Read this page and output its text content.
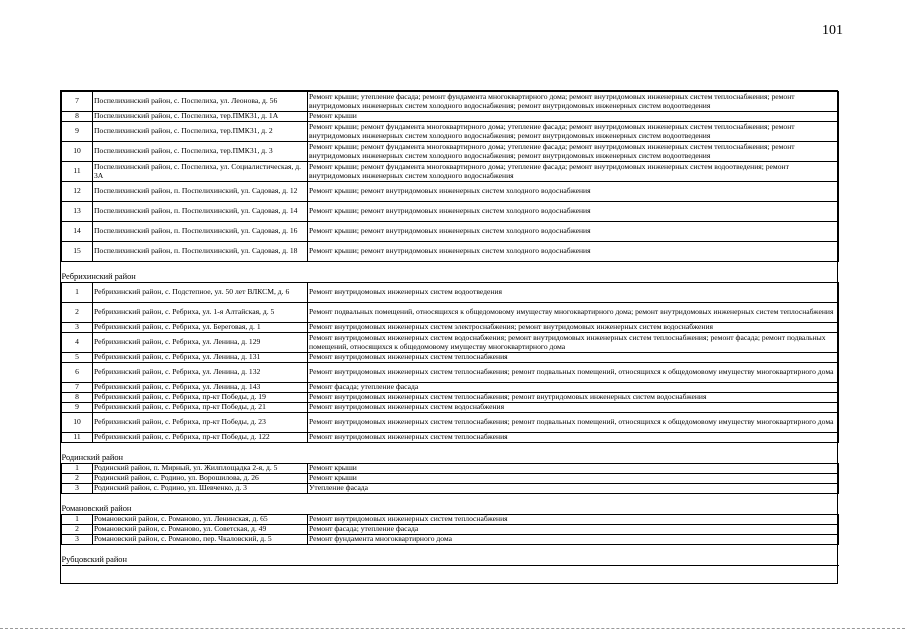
101
7	Поспелихинский район, с. Поспелиха, ул. Леонова, д. 56	Ремонт крыши; утепление фасада; ремонт фундамента многоквартирного дома; ремонт внутридомовых инженерных систем теплоснабжения; ремонт внутридомовых инженерных систем холодного водоснабжения; ремонт внутридомовых инженерных систем водоотведения
8	Поспелихинский район, с. Поспелиха, тер.ПМК31, д. 1А	Ремонт крыши
9	Поспелихинский район, с. Поспелиха, тер.ПМК31, д. 2	Ремонт крыши; ремонт фундамента многоквартирного дома; утепление фасада; ремонт внутридомовых инженерных систем теплоснабжения; ремонт внутридомовых инженерных систем холодного водоснабжения; ремонт внутридомовых инженерных систем водоотведения
10	Поспелихинский район, с. Поспелиха, тер.ПМК31, д. 3	Ремонт крыши; ремонт фундамента многоквартирного дома; утепление фасада; ремонт внутридомовых инженерных систем теплоснабжения; ремонт внутридомовых инженерных систем холодного водоснабжения; ремонт внутридомовых инженерных систем водоотведения
11	Поспелихинский район, с. Поспелиха, ул. Социалистическая, д. 3А	Ремонт крыши; ремонт фундамента многоквартирного дома; утепление фасада; ремонт внутридомовых инженерных систем водоотведения; ремонт внутридомовых инженерных систем холодного водоснабжения
12	Поспелихинский район, п. Поспелихинский, ул. Садовая, д. 12	Ремонт крыши; ремонт внутридомовых инженерных систем холодного водоснабжения
13	Поспелихинский район, п. Поспелихинский, ул. Садовая, д. 14	Ремонт крыши; ремонт внутридомовых инженерных систем холодного водоснабжения
14	Поспелихинский район, п. Поспелихинский, ул. Садовая, д. 16	Ремонт крыши; ремонт внутридомовых инженерных систем холодного водоснабжения
15	Поспелихинский район, п. Поспелихинский, ул. Садовая, д. 18	Ремонт крыши; ремонт внутридомовых инженерных систем холодного водоснабжения
Ребрихинский район		
1	Ребрихинский район, с. Подстепное, ул. 50 лет ВЛКСМ, д. 6	Ремонт внутридомовых инженерных систем водоотведения
2	Ребрихинский район, с. Ребриха, ул. 1-я Алтайская, д. 5	Ремонт подвальных помещений, относящихся к общедомовому имуществу многоквартирного дома; ремонт внутридомовых инженерных систем теплоснабжения
3	Ребрихинский район, с. Ребриха, ул. Береговая, д. 1	Ремонт внутридомовых инженерных систем электроснабжения; ремонт внутридомовых инженерных систем водоснабжения
4	Ребрихинский район, с. Ребриха, ул. Ленина, д. 129	Ремонт внутридомовых инженерных систем водоснабжения; ремонт внутридомовых инженерных систем теплоснабжения; ремонт фасада; ремонт подвальных помещений, относящихся к общедомовому имуществу многоквартирного дома
5	Ребрихинский район, с. Ребриха, ул. Ленина, д. 131	Ремонт внутридомовых инженерных систем теплоснабжения
6	Ребрихинский район, с. Ребриха, ул. Ленина, д. 132	Ремонт внутридомовых инженерных систем теплоснабжения; ремонт подвальных помещений, относящихся к общедомовому имуществу многоквартирного дома
7	Ребрихинский район, с. Ребриха, ул. Ленина, д. 143	Ремонт фасада; утепление фасада
8	Ребрихинский район, с. Ребриха, пр-кт Победы, д. 19	Ремонт внутридомовых инженерных систем теплоснабжения; ремонт внутридомовых инженерных систем водоснабжения
9	Ребрихинский район, с. Ребриха, пр-кт Победы, д. 21	Ремонт внутридомовых инженерных систем водоснабжения
10	Ребрихинский район, с. Ребриха, пр-кт Победы, д. 23	Ремонт внутридомовых инженерных систем теплоснабжения; ремонт подвальных помещений, относящихся к общедомовому имуществу многоквартирного дома
11	Ребрихинский район, с. Ребриха, пр-кт Победы, д. 122	Ремонт внутридомовых инженерных систем теплоснабжения
Родинский район		
1	Родинский район, п. Мирный, ул. Жилплощадка 2-я, д. 5	Ремонт крыши
2	Родинский район, с. Родино, ул. Ворошилова, д. 26	Ремонт крыши
3	Родинский район, с. Родино, ул. Шевченко, д. 3	Утепление фасада
Романовский район		
1	Романовский район, с. Романово, ул. Ленинская, д. 65	Ремонт внутридомовых инженерных систем теплоснабжения
2	Романовский район, с. Романово, ул. Советская, д. 49	Ремонт фасада; утепление фасада
3	Романовский район, с. Романово, пер. Чкаловский, д. 5	Ремонт фундамента многоквартирного дома
Рубцовский район		
